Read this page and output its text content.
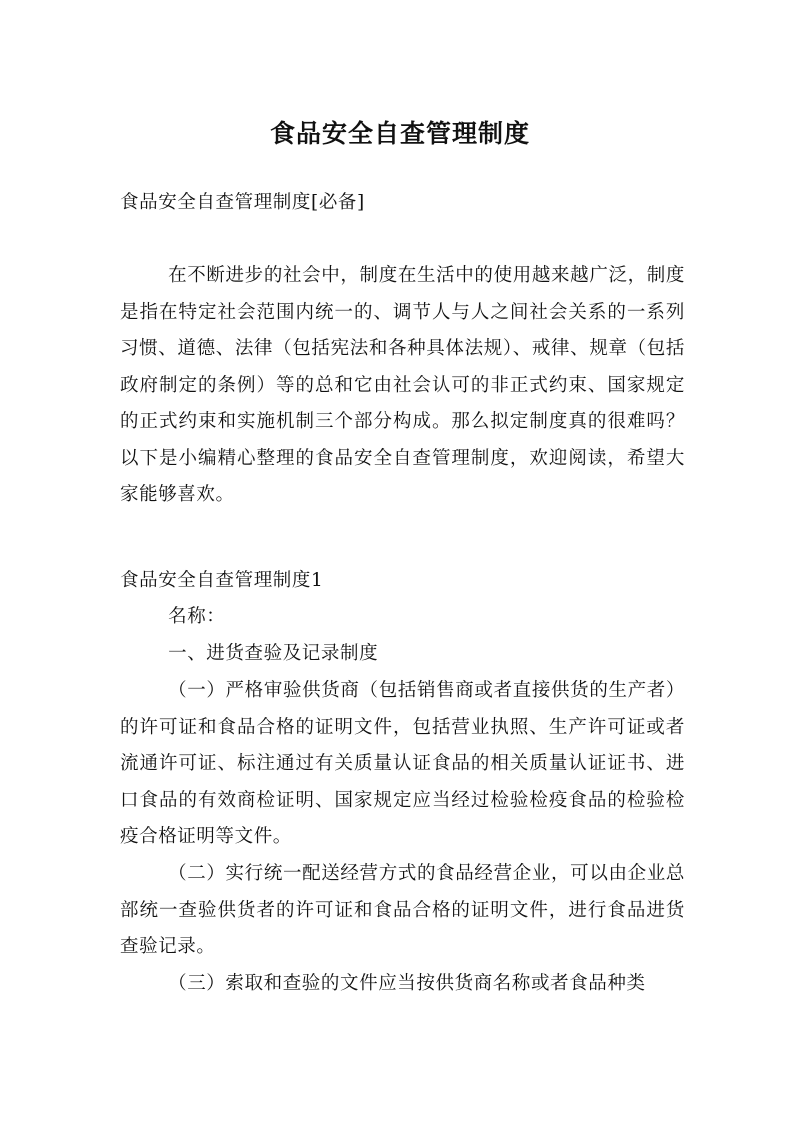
食品安全自查管理制度

食品安全自查管理制度[必备]

在不断进步的社会中，制度在生活中的使用越来越广泛，制度是指在特定社会范围内统一的、调节人与人之间社会关系的一系列习惯、道德、法律（包括宪法和各种具体法规）、戒律、规章（包括政府制定的条例）等的总和它由社会认可的非正式约束、国家规定的正式约束和实施机制三个部分构成。那么拟定制度真的很难吗？以下是小编精心整理的食品安全自查管理制度，欢迎阅读，希望大家能够喜欢。

食品安全自查管理制度1

名称：

一、进货查验及记录制度

（一）严格审验供货商（包括销售商或者直接供货的生产者）的许可证和食品合格的证明文件，包括营业执照、生产许可证或者流通许可证、标注通过有关质量认证食品的相关质量认证证书、进口食品的有效商检证明、国家规定应当经过检验检疫食品的检验检疫合格证明等文件。

（二）实行统一配送经营方式的食品经营企业，可以由企业总部统一查验供货者的许可证和食品合格的证明文件，进行食品进货查验记录。

（三）索取和查验的文件应当按供货商名称或者食品种类
